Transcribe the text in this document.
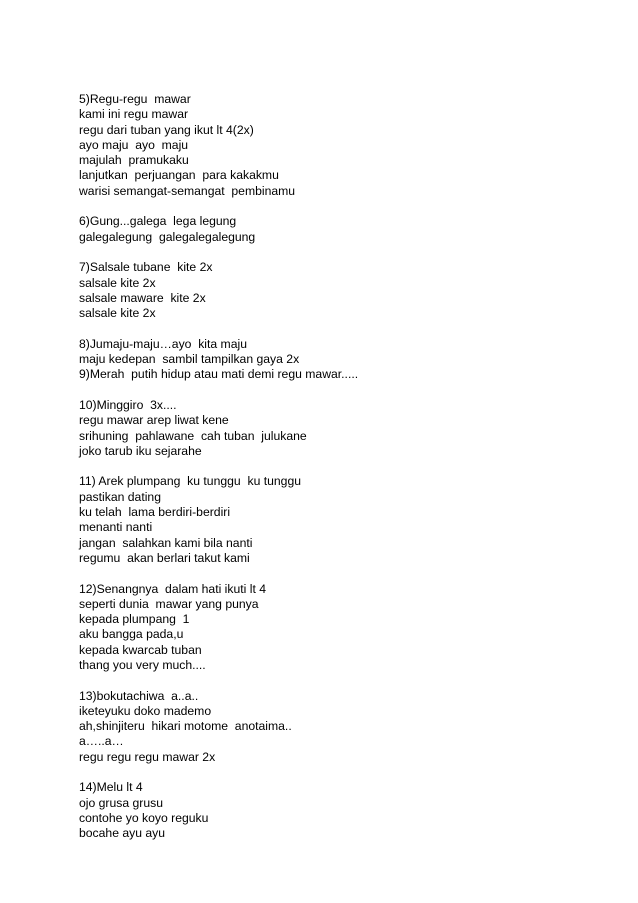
5)Regu-regu  mawar
kami ini regu mawar
regu dari tuban yang ikut lt 4(2x)
ayo maju  ayo  maju
majulah  pramukaku
lanjutkan  perjuangan  para kakakmu
warisi semangat-semangat  pembinamu
6)Gung...galega  lega legung
galegalegung  galegalegalegung
7)Salsale tubane  kite 2x
salsale kite 2x
salsale maware  kite 2x
salsale kite 2x
8)Jumaju-maju…ayo  kita maju
maju kedepan  sambil tampilkan gaya 2x
9)Merah  putih hidup atau mati demi regu mawar.....
10)Minggiro  3x....
regu mawar arep liwat kene
srihuning  pahlawane  cah tuban  julukane
joko tarub iku sejarahe
11) Arek plumpang  ku tunggu  ku tunggu
pastikan dating
ku telah  lama berdiri-berdiri
menanti nanti
jangan  salahkan kami bila nanti
regumu  akan berlari takut kami
12)Senangnya  dalam hati ikuti lt 4
seperti dunia  mawar yang punya
kepada plumpang  1
aku bangga pada,u
kepada kwarcab tuban
thang you very much....
13)bokutachiwa  a..a..
iketeyuku doko mademo
ah,shinjiteru  hikari motome  anotaima..
a…..a…
regu regu regu mawar 2x
14)Melu lt 4
ojo grusa grusu
contohe yo koyo reguku
bocahe ayu ayu
